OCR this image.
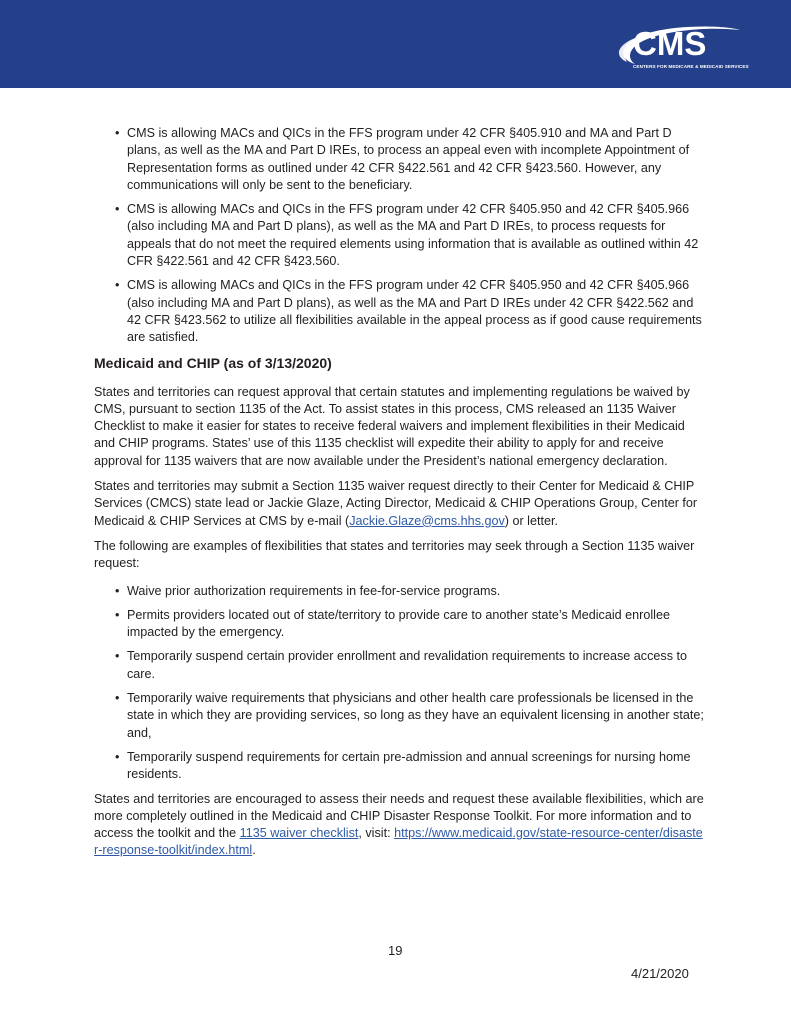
CMS
CENTERS FOR MEDICARE & MEDICAID SERVICES
• CMS is allowing MACs and QICs in the FFS program under 42 CFR §405.910 and MA and Part D plans, as well as the MA and Part D IREs, to process an appeal even with incomplete Appointment of Representation forms as outlined under 42 CFR §422.561 and 42 CFR §423.560. However, any communications will only be sent to the beneficiary.
• CMS is allowing MACs and QICs in the FFS program under 42 CFR §405.950 and 42 CFR §405.966 (also including MA and Part D plans), as well as the MA and Part D IREs, to process requests for appeals that do not meet the required elements using information that is available as outlined within 42 CFR §422.561 and 42 CFR §423.560.
• CMS is allowing MACs and QICs in the FFS program under 42 CFR §405.950 and 42 CFR §405.966 (also including MA and Part D plans), as well as the MA and Part D IREs under 42 CFR §422.562 and 42 CFR §423.562 to utilize all flexibilities available in the appeal process as if good cause requirements are satisfied.
Medicaid and CHIP (as of 3/13/2020)

States and territories can request approval that certain statutes and implementing regulations be waived by CMS, pursuant to section 1135 of the Act. To assist states in this process, CMS released an 1135 Waiver Checklist to make it easier for states to receive federal waivers and implement flexibilities in their Medicaid and CHIP programs. States’ use of this 1135 checklist will expedite their ability to apply for and receive approval for 1135 waivers that are now available under the President’s national emergency declaration.

States and territories may submit a Section 1135 waiver request directly to their Center for Medicaid & CHIP Services (CMCS) state lead or Jackie Glaze, Acting Director, Medicaid & CHIP Operations Group, Center for Medicaid & CHIP Services at CMS by e-mail (Jackie.Glaze@cms.hhs.gov) or letter.

The following are examples of flexibilities that states and territories may seek through a Section 1135 waiver request:

• Waive prior authorization requirements in fee-for-service programs.
• Permits providers located out of state/territory to provide care to another state’s Medicaid enrollee impacted by the emergency.
• Temporarily suspend certain provider enrollment and revalidation requirements to increase access to care.
• Temporarily waive requirements that physicians and other health care professionals be licensed in the state in which they are providing services, so long as they have an equivalent licensing in another state; and,
• Temporarily suspend requirements for certain pre-admission and annual screenings for nursing home residents.

States and territories are encouraged to assess their needs and request these available flexibilities, which are more completely outlined in the Medicaid and CHIP Disaster Response Toolkit. For more information and to access the toolkit and the 1135 waiver checklist, visit: https://www.medicaid.gov/state-resource-center/disaster-response-toolkit/index.html.

19
4/21/2020
